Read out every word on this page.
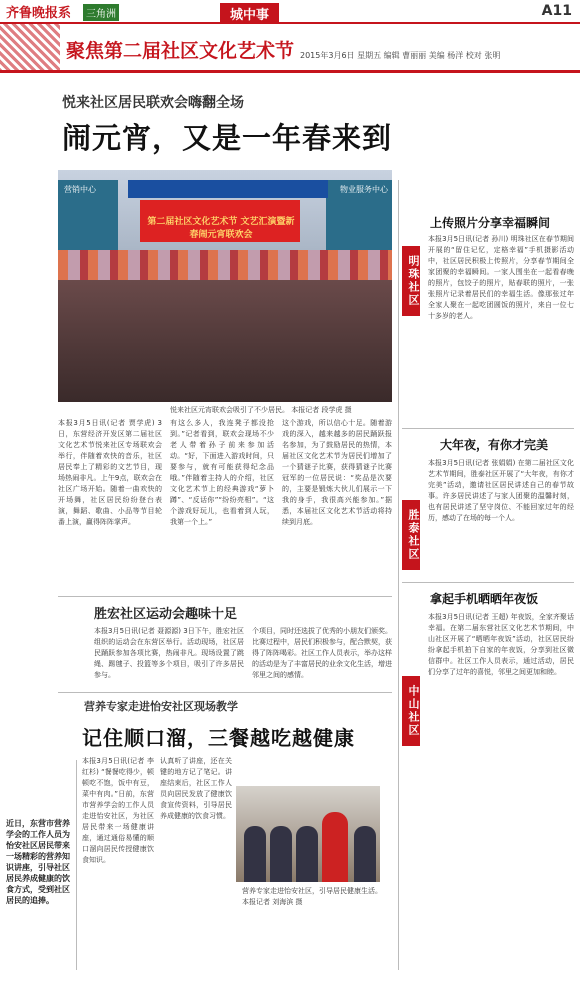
齐鲁晚报系	三角洲	城中事	A11
聚焦第二届社区文化艺术节 2015年3月6日 星期五 编辑 曹丽丽 美编 杨洋 校对 张明
悦来社区居民联欢会嗨翻全场
闹元宵，又是一年春来到
营销中心	物业服务中心
第二届社区文化艺术节 文艺汇演暨新春闹元宵联欢会
悦来社区元宵联欢会吸引了不少居民。 本报记者 段学虎 摄
本报3月5日讯(记者 贾学虎) 3日，东营经济开发区第二届社区文化艺术节悦来社区专场联欢会举行，伴随着欢快的音乐，社区居民奉上了精彩的文艺节目，现场热闹非凡。上午9点，联欢会在社区广场开始。随着一曲欢快的开场舞，社区居民纷纷登台表演，舞蹈、歌曲、小品等节目轮番上演，赢得阵阵掌声。
有这么多人，我连凳子都没抢到。”记者看到，联欢会现场不少老人带着孙子前来参加活动。“好，下面进入游戏时间，只要参与，就有可能获得纪念品哦。”伴随着主持人的介绍，社区文化艺术节上的经典游戏“萝卜蹲”、“反话你”“纷纷亮相”。“这个游戏好玩儿，也看着到人玩，我第一个上。”
这个游戏，所以信心十足。随着游戏的深入，越来越多的居民踊跃报名参加，为了鼓励居民的热情，本届社区文化艺术节为居民们增加了一个猜谜子比赛，获得猜谜子比赛冠军的一位居民说：“奖品是次要的，主要是锻炼大伙儿们展示一下我的身手，我很高兴能参加。”据悉，本届社区文化艺术节活动将持续到月底。
胜宏社区运动会趣味十足
本报3月5日讯(记者 聂源源) 3日下午，胜宏社区组织的运动会在东营区举行。活动现场，社区居民踊跃参加各项比赛，热闹非凡。现场设置了跳绳、踢毽子、投篮等多个项目，吸引了许多居民参与。
个项目，同时还选拔了优秀的小朋友们颁奖。比赛过程中，居民们积极参与，配合默契，获得了阵阵喝彩。社区工作人员表示，举办这样的活动是为了丰富居民的业余文化生活，增进邻里之间的感情。
营养专家走进怡安社区现场教学
记住顺口溜，三餐越吃越健康
近日，东营市营养学会的工作人员为怡安社区居民带来一场精彩的营养知识讲座，引导社区居民养成健康的饮食方式，受到社区居民的追捧。
本报3月5日讯(记者 李红杉) “餐餐吃得少，顿顿吃不饱，饭中有豆，菜中有肉。”日前，东营市营养学会的工作人员走进怡安社区，为社区居民带来一场健康讲座，通过通俗易懂的顺口溜向居民传授健康饮食知识。
认真听了讲座，还在关键的地方记了笔记。讲座结束后，社区工作人员向居民发放了健康饮食宣传资料，引导居民养成健康的饮食习惯。
营养专家走进怡安社区，引导居民健康生活。
本报记者 刘海滨 摄
上传照片分享幸福瞬间
明珠社区
本报3月5日讯(记者 孙川) 明珠社区在春节期间开展的“留住记忆，定格幸福”手机摄影活动中，社区居民积极上传照片，分享春节期间全家团聚的幸福瞬间。一家人围坐在一起看春晚的照片，包饺子的照片，贴春联的照片，一张张照片记录着居民们的幸福生活。像那张过年全家人聚在一起吃团圆饭的照片，来自一位七十多岁的老人。
大年夜，有你才完美
胜泰社区
本报3月5日讯(记者 张娟娟) 在第二届社区文化艺术节期间，胜泰社区开展了“大年夜，有你才完美”活动，邀请社区居民讲述自己的春节故事。许多居民讲述了与家人团聚的温馨时刻，也有居民讲述了坚守岗位、不能回家过年的经历，感动了在场的每一个人。
拿起手机晒晒年夜饭
中山社区
本报3月5日讯(记者 王超) 年夜饭，全家齐聚话幸福。在第二届东营社区文化艺术节期间，中山社区开展了“晒晒年夜饭”活动，社区居民纷纷拿起手机拍下自家的年夜饭，分享到社区微信群中。社区工作人员表示，通过活动，居民们分享了过年的喜悦，邻里之间更加和睦。
